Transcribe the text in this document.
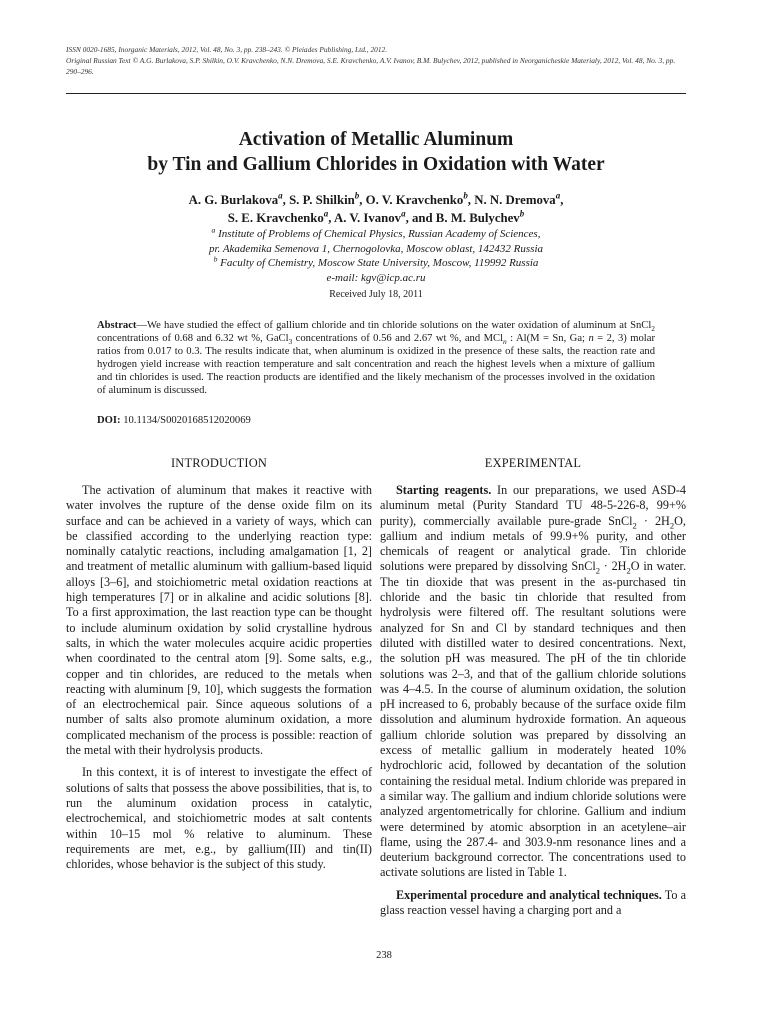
ISSN 0020-1685, Inorganic Materials, 2012, Vol. 48, No. 3, pp. 238–243. © Pleiades Publishing, Ltd., 2012.
Original Russian Text © A.G. Burlakova, S.P. Shilkin, O.V. Kravchenko, N.N. Dremova, S.E. Kravchenko, A.V. Ivanov, B.M. Bulychev, 2012, published in Neorganicheskie Materialy, 2012, Vol. 48, No. 3, pp. 290–296.
Activation of Metallic Aluminum
by Tin and Gallium Chlorides in Oxidation with Water
A. G. Burlakova$^a$, S. P. Shilkin$^b$, O. V. Kravchenko$^b$, N. N. Dremova$^a$,
S. E. Kravchenko$^a$, A. V. Ivanov$^a$, and B. M. Bulychev$^b$
$^a$ Institute of Problems of Chemical Physics, Russian Academy of Sciences,
pr. Akademika Semenova 1, Chernogolovka, Moscow oblast, 142432 Russia
$^b$ Faculty of Chemistry, Moscow State University, Moscow, 119992 Russia
e-mail: kgv@icp.ac.ru
Received July 18, 2011
Abstract—We have studied the effect of gallium chloride and tin chloride solutions on the water oxidation of aluminum at SnCl$_2$ concentrations of 0.68 and 6.32 wt %, GaCl$_3$ concentrations of 0.56 and 2.67 wt %, and MCl$_n$ : Al(M = Sn, Ga; n = 2, 3) molar ratios from 0.017 to 0.3. The results indicate that, when aluminum is oxidized in the presence of these salts, the reaction rate and hydrogen yield increase with reaction temperature and salt concentration and reach the highest levels when a mixture of gallium and tin chlorides is used. The reaction products are identified and the likely mechanism of the processes involved in the oxidation of aluminum is discussed.
DOI: 10.1134/S0020168512020069
INTRODUCTION

The activation of aluminum that makes it reactive with water involves the rupture of the dense oxide film on its surface and can be achieved in a variety of ways, which can be classified according to the underlying reaction type: nominally catalytic reactions, including amalgamation [1, 2] and treatment of metallic aluminum with gallium-based liquid alloys [3–6], and stoichiometric metal oxidation reactions at high temperatures [7] or in alkaline and acidic solutions [8]. To a first approximation, the last reaction type can be thought to include aluminum oxidation by solid crystalline hydrous salts, in which the water molecules acquire acidic properties when coordinated to the central atom [9]. Some salts, e.g., copper and tin chlorides, are reduced to the metals when reacting with aluminum [9, 10], which suggests the formation of an electrochemical pair. Since aqueous solutions of a number of salts also promote aluminum oxidation, a more complicated mechanism of the process is possible: reaction of the metal with their hydrolysis products.

In this context, it is of interest to investigate the effect of solutions of salts that possess the above possibilities, that is, to run the aluminum oxidation process in catalytic, electrochemical, and stoichiometric modes at salt contents within 10–15 mol % relative to aluminum. These requirements are met, e.g., by gallium(III) and tin(II) chlorides, whose behavior is the subject of this study.

EXPERIMENTAL

Starting reagents. In our preparations, we used ASD-4 aluminum metal (Purity Standard TU 48-5-226-8, 99+% purity), commercially available pure-grade SnCl$_2$ · $2H_2O$, gallium and indium metals of 99.9+% purity, and other chemicals of reagent or analytical grade. Tin chloride solutions were prepared by dissolving SnCl$_2$ · $2H_2O$ in water. The tin dioxide that was present in the as-purchased tin chloride and the basic tin chloride that resulted from hydrolysis were filtered off. The resultant solutions were analyzed for Sn and Cl by standard techniques and then diluted with distilled water to desired concentrations. Next, the solution pH was measured. The pH of the tin chloride solutions was 2–3, and that of the gallium chloride solutions was 4–4.5. In the course of aluminum oxidation, the solution pH increased to 6, probably because of the surface oxide film dissolution and aluminum hydroxide formation. An aqueous gallium chloride solution was prepared by dissolving an excess of metallic gallium in moderately heated 10% hydrochloric acid, followed by decantation of the solution containing the residual metal. Indium chloride was prepared in a similar way. The gallium and indium chloride solutions were analyzed argentometrically for chlorine. Gallium and indium were determined by atomic absorption in an acetylene–air flame, using the 287.4- and 303.9-nm resonance lines and a deuterium background corrector. The concentrations used to activate solutions are listed in Table 1.

Experimental procedure and analytical techniques. To a glass reaction vessel having a charging port and a

238
